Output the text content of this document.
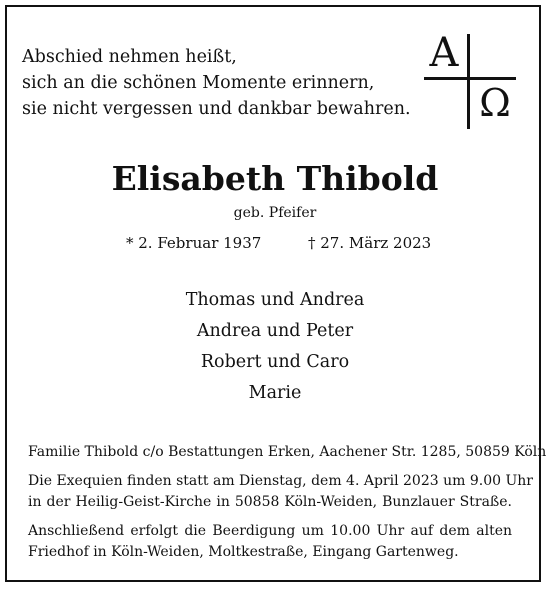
Abschied nehmen heißt,
sich an die schönen Momente erinnern,
sie nicht vergessen und dankbar bewahren.
A
Ω
Elisabeth Thibold
geb. Pfeifer
* 2. Februar 1937	† 27. März 2023
Thomas und Andrea
Andrea und Peter
Robert und Caro
Marie
Familie Thibold c/o Bestattungen Erken, Aachener Str. 1285, 50859 Köln
Die Exequien finden statt am Dienstag, dem 4. April 2023 um 9.00 Uhr
in der Heilig-Geist-Kirche in 50858 Köln-Weiden, Bunzlauer Straße.
Anschließend erfolgt die Beerdigung um 10.00 Uhr auf dem alten
Friedhof in Köln-Weiden, Moltkestraße, Eingang Gartenweg.
